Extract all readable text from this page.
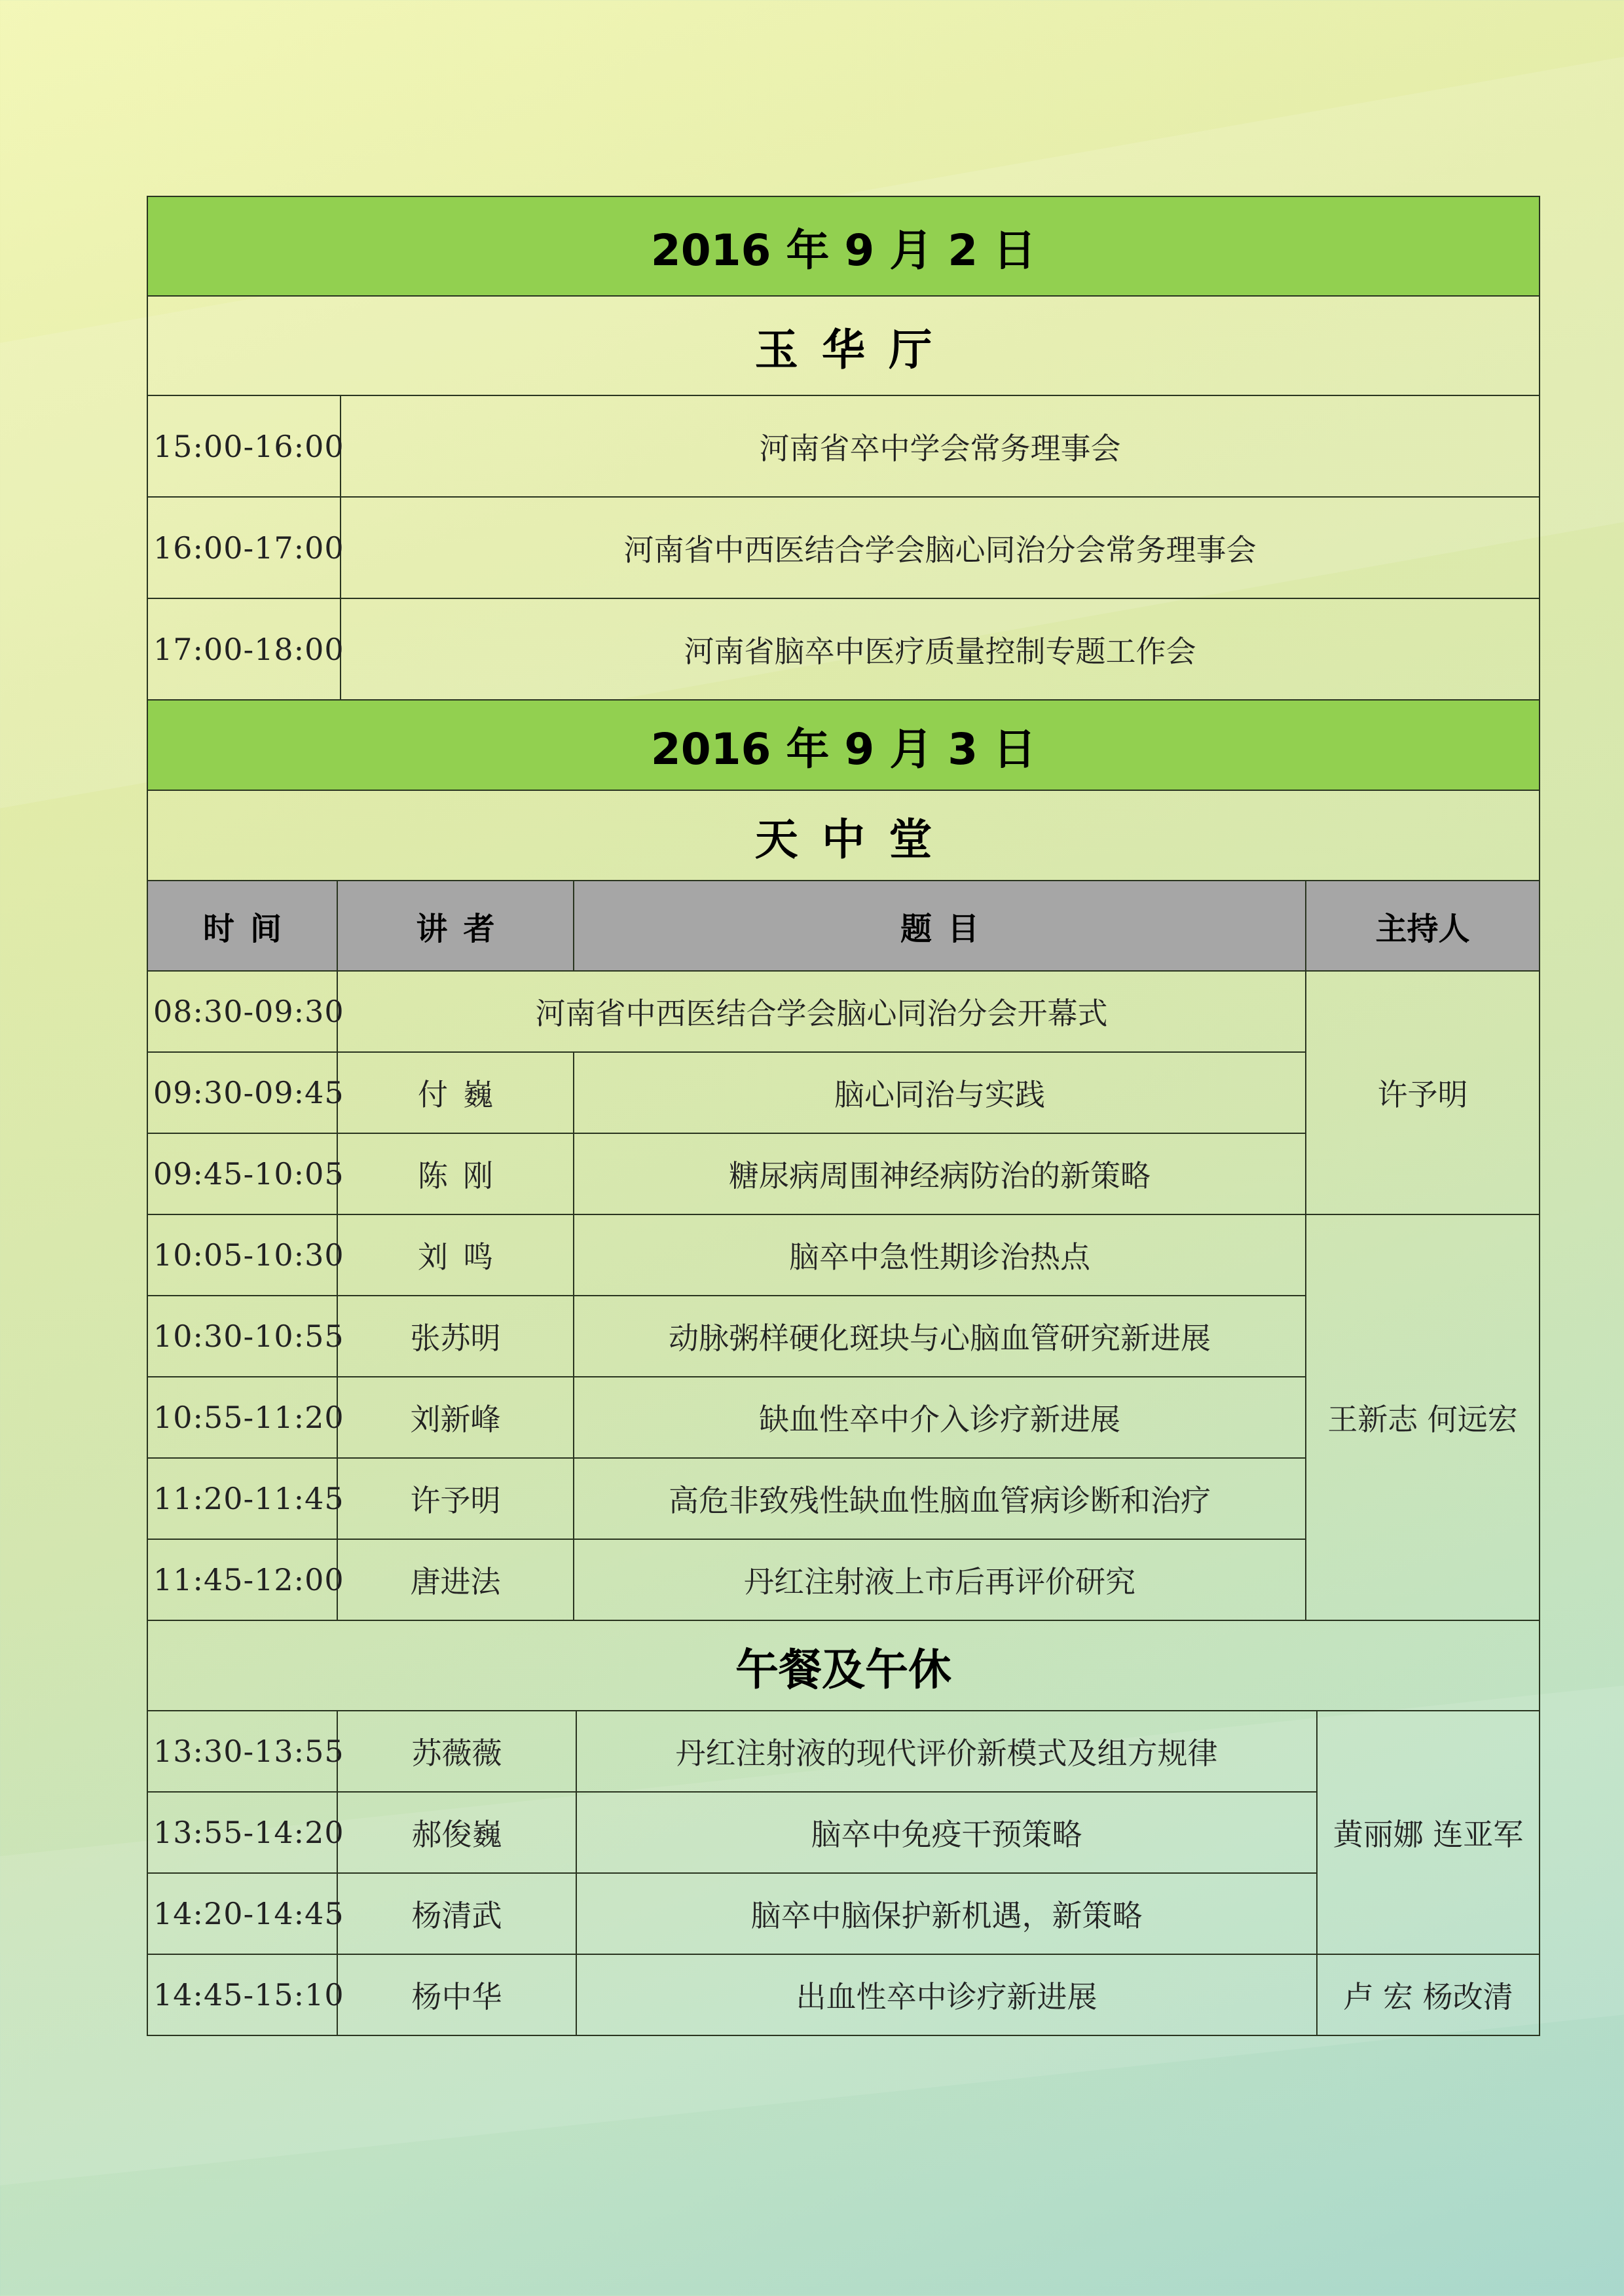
2016 年 9 月 2 日	
玉华厅	
15:00-16:00	河南省卒中学会常务理事会
16:00-17:00	河南省中西医结合学会脑心同治分会常务理事会
17:00-18:00	河南省脑卒中医疗质量控制专题工作会
2016 年 9 月 3 日			
天中堂			
时间	讲者	题目	主持人
08:30-09:30	河南省中西医结合学会脑心同治分会开幕式		许予明
09:30-09:45	付巍	脑心同治与实践	
09:45-10:05	陈刚	糖尿病周围神经病防治的新策略	
10:05-10:30	刘鸣	脑卒中急性期诊治热点	王新志 何远宏
10:30-10:55	张苏明	动脉粥样硬化斑块与心脑血管研究新进展	
10:55-11:20	刘新峰	缺血性卒中介入诊疗新进展	
11:20-11:45	许予明	高危非致残性缺血性脑血管病诊断和治疗	
11:45-12:00	唐进法	丹红注射液上市后再评价研究	
午餐及午休			
13:30-13:55	苏薇薇	丹红注射液的现代评价新模式及组方规律	黄丽娜 连亚军
13:55-14:20	郝俊巍	脑卒中免疫干预策略	
14:20-14:45	杨清武	脑卒中脑保护新机遇，新策略	
14:45-15:10	杨中华	出血性卒中诊疗新进展	卢 宏 杨改清
